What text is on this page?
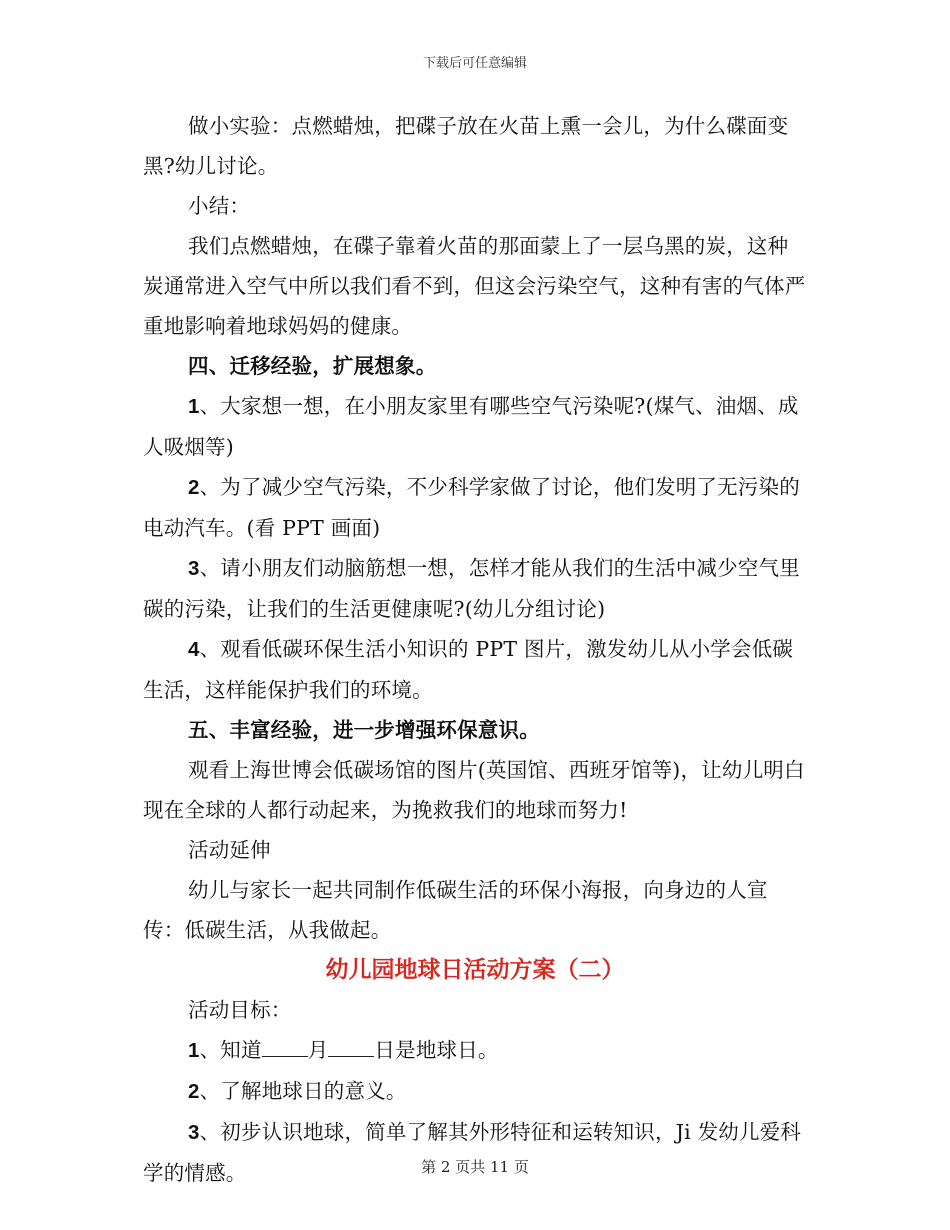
下载后可任意编辑

做小实验：点燃蜡烛，把碟子放在火苗上熏一会儿，为什么碟面变黑?幼儿讨论。

小结：

我们点燃蜡烛，在碟子靠着火苗的那面蒙上了一层乌黑的炭，这种炭通常进入空气中所以我们看不到，但这会污染空气，这种有害的气体严重地影响着地球妈妈的健康。

四、迁移经验，扩展想象。

1、大家想一想，在小朋友家里有哪些空气污染呢?(煤气、油烟、成人吸烟等)

2、为了减少空气污染，不少科学家做了讨论，他们发明了无污染的电动汽车。(看 PPT 画面)

3、请小朋友们动脑筋想一想，怎样才能从我们的生活中减少空气里碳的污染，让我们的生活更健康呢?(幼儿分组讨论)

4、观看低碳环保生活小知识的 PPT 图片，激发幼儿从小学会低碳生活，这样能保护我们的环境。

五、丰富经验，进一步增强环保意识。

观看上海世博会低碳场馆的图片(英国馆、西班牙馆等)，让幼儿明白现在全球的人都行动起来，为挽救我们的地球而努力!

活动延伸

幼儿与家长一起共同制作低碳生活的环保小海报，向身边的人宣传：低碳生活，从我做起。

幼儿园地球日活动方案（二）

活动目标：

1、知道 月 日是地球日。

2、了解地球日的意义。

3、初步认识地球，简单了解其外形特征和运转知识，Ji 发幼儿爱科学的情感。	第 2 页共 11 页
